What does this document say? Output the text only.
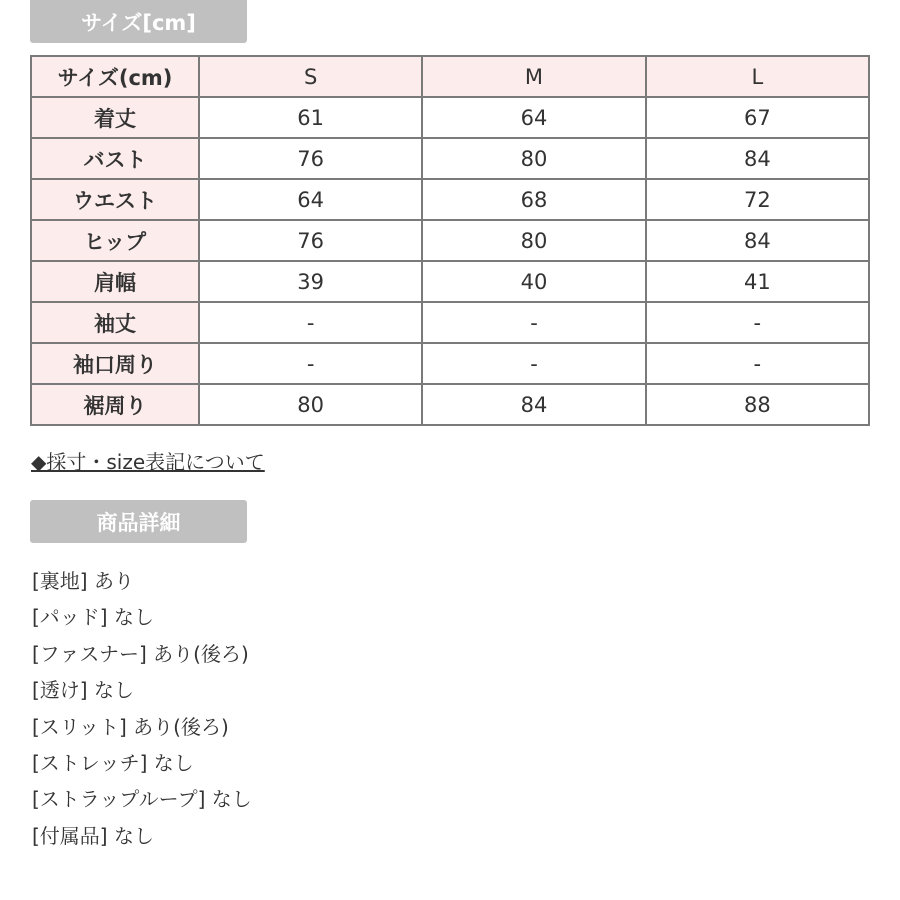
サイズ[cm]
サイズ(cm)	S	M	L
着丈	61	64	67
バスト	76	80	84
ウエスト	64	68	72
ヒップ	76	80	84
肩幅	39	40	41
袖丈	-	-	-
袖口周り	-	-	-
裾周り	80	84	88
◆採寸・size表記について
商品詳細
[裏地] あり
[パッド] なし
[ファスナー] あり(後ろ)
[透け] なし
[スリット] あり(後ろ)
[ストレッチ] なし
[ストラップループ] なし
[付属品] なし
